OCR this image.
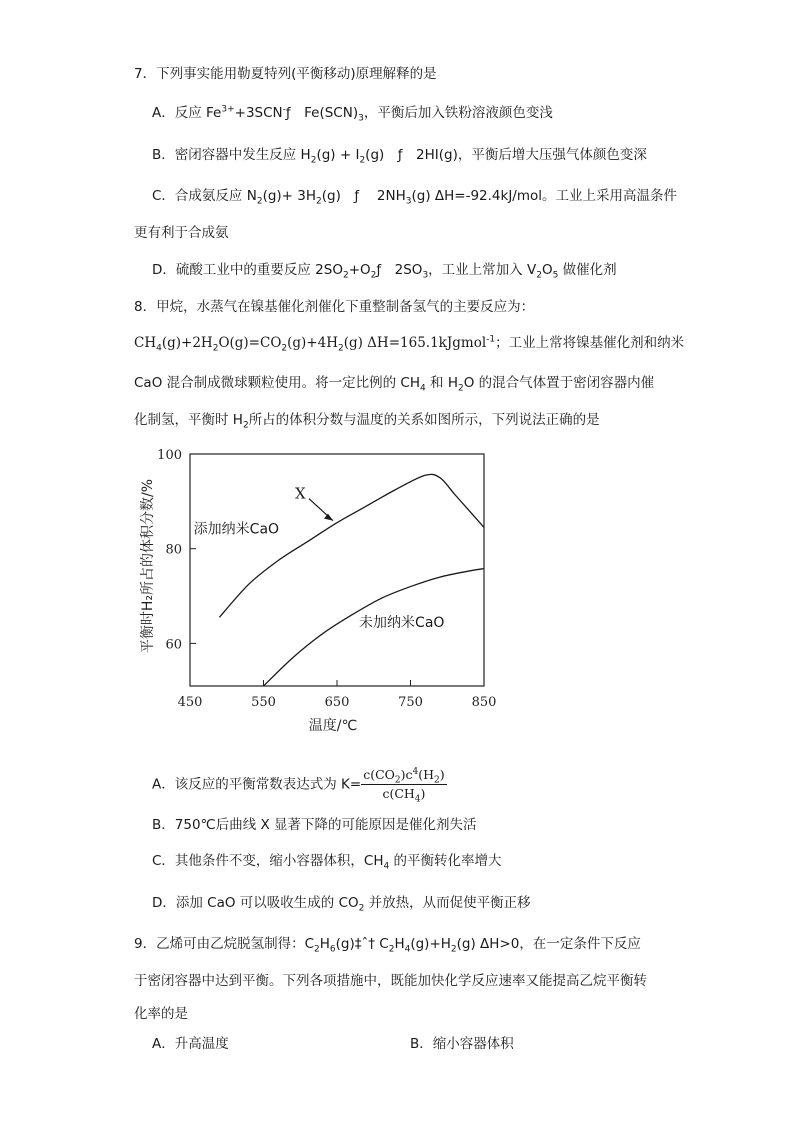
7．下列事实能用勒夏特列(平衡移动)原理解释的是
A．反应 $Fe^{3+}+3SCN^-ƒ$　$Fe(SCN)_3$，平衡后加入铁粉溶液颜色变浅
B．密闭容器中发生反应 $H_2(g) + I_2(g)$　ƒ　2HI(g)，平衡后增大压强气体颜色变深
C．合成氨反应 $N_2(g)+ 3H_2(g)$　ƒ　 $2NH_3(g)$ ΔH=-92.4kJ/mol。工业上采用高温条件
更有利于合成氨
D．硫酸工业中的重要反应 $2SO_2+O_2ƒ$　$2SO_3$，工业上常加入 $V_2O_5$ 做催化剂
8．甲烷，水蒸气在镍基催化剂催化下重整制备氢气的主要反应为：
$CH_4(g)+2H_2O(g)=CO_2(g)+4H_2(g)$ ΔH=165.1kJgmol$^{-1}$；工业上常将镍基催化剂和纳米
CaO 混合制成微球颗粒使用。将一定比例的 $CH_4$ 和 $H_2O$ 的混合气体置于密闭容器内催
化制氢，平衡时 $H_2$所占的体积分数与温度的关系如图所示，下列说法正确的是
450	550	650	750	850
100
80
60
温度/℃
平衡时H₂所占的体积分数/%	添加纳米CaO
未加纳米CaO
X
A．该反应的平衡常数表达式为 $K= \frac{c(CO_2)c^4(H_2)}{c(CH_4)}$
B．750℃后曲线 X 显著下降的可能原因是催化剂失活
C．其他条件不变，缩小容器体积，$CH_4$ 的平衡转化率增大
D．添加 CaO 可以吸收生成的 $CO_2$ 并放热，从而促使平衡正移
9．乙烯可由乙烷脱氢制得：$C_2H_6(g)\ddagger ˆ\dagger$ $C_2H_4(g)+H_2(g)$ ΔH>0，在一定条件下反应
于密闭容器中达到平衡。下列各项措施中，既能加快化学反应速率又能提高乙烷平衡转
化率的是
A．升高温度	B．缩小容器体积
